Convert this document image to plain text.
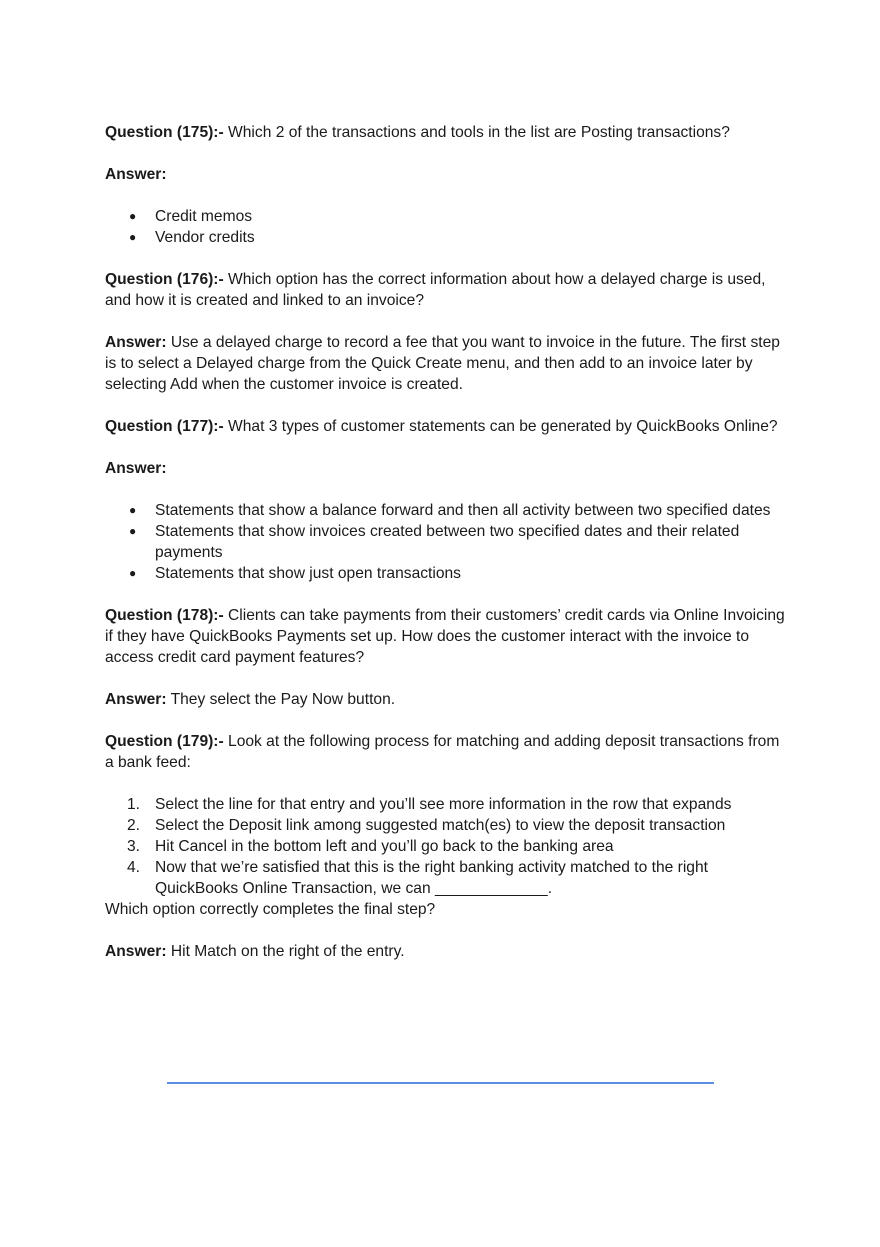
Question (175):- Which 2 of the transactions and tools in the list are Posting transactions?

Answer:

● Credit memos
● Vendor credits

Question (176):- Which option has the correct information about how a delayed charge is used, and how it is created and linked to an invoice?

Answer: Use a delayed charge to record a fee that you want to invoice in the future. The first step is to select a Delayed charge from the Quick Create menu, and then add to an invoice later by selecting Add when the customer invoice is created.

Question (177):- What 3 types of customer statements can be generated by QuickBooks Online?

Answer:

● Statements that show a balance forward and then all activity between two specified dates
● Statements that show invoices created between two specified dates and their related payments
● Statements that show just open transactions

Question (178):- Clients can take payments from their customers’ credit cards via Online Invoicing if they have QuickBooks Payments set up. How does the customer interact with the invoice to access credit card payment features?

Answer: They select the Pay Now button.

Question (179):- Look at the following process for matching and adding deposit transactions from a bank feed:

1. Select the line for that entry and you’ll see more information in the row that expands
2. Select the Deposit link among suggested match(es) to view the deposit transaction
3. Hit Cancel in the bottom left and you’ll go back to the banking area
4. Now that we’re satisfied that this is the right banking activity matched to the right QuickBooks Online Transaction, we can _____________.

Which option correctly completes the final step?

Answer: Hit Match on the right of the entry.
